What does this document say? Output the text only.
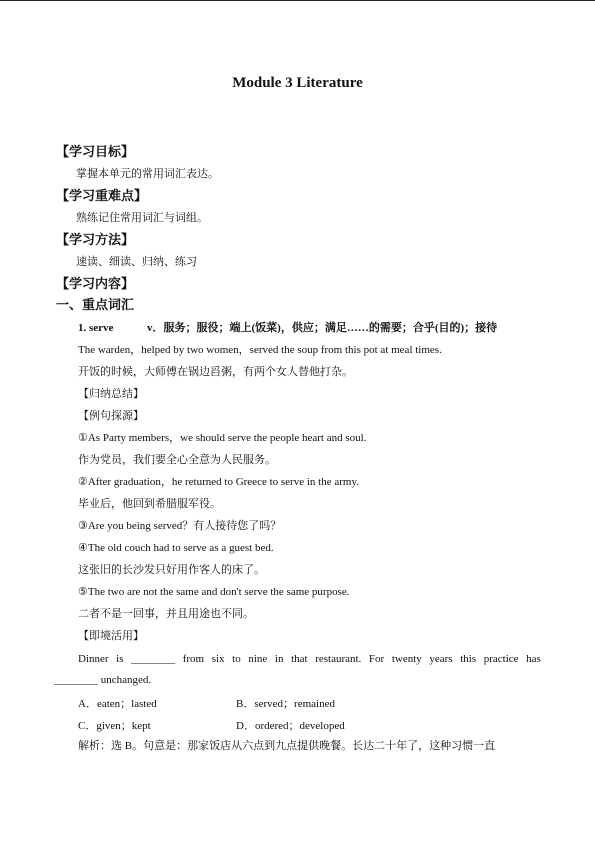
Module 3 Literature
【学习目标】
掌握本单元的常用词汇表达。
【学习重难点】
熟练记住常用词汇与词组。
【学习方法】
速读、细读、归纳、练习
【学习内容】
一、重点词汇
1. serve	v．服务；服役；端上(饭菜)，供应；满足……的需要；合乎(目的)；接待
The warden，helped by two women，served the soup from this pot at meal times.
开饭的时候，大师傅在锅边舀粥，有两个女人替他打杂。
【归纳总结】
【例句探源】
①As Party members，we should serve the people heart and soul.
作为党员，我们要全心全意为人民服务。
②After graduation，he returned to Greece to serve in the army.
毕业后，他回到希腊服军役。
③Are you being served？有人接待您了吗？
④The old couch had to serve as a guest bed.
这张旧的长沙发只好用作客人的床了。
⑤The two are not the same and don't serve the same purpose.
二者不是一回事，并且用途也不同。
【即境活用】
Dinner is ________ from six to nine in that restaurant. For twenty years this practice has
________ unchanged.
A．eaten；lasted	B．served；remained
C．given；kept	D．ordered；developed
解析：选 B。句意是：那家饭店从六点到九点提供晚餐。长达二十年了，这种习惯一直
